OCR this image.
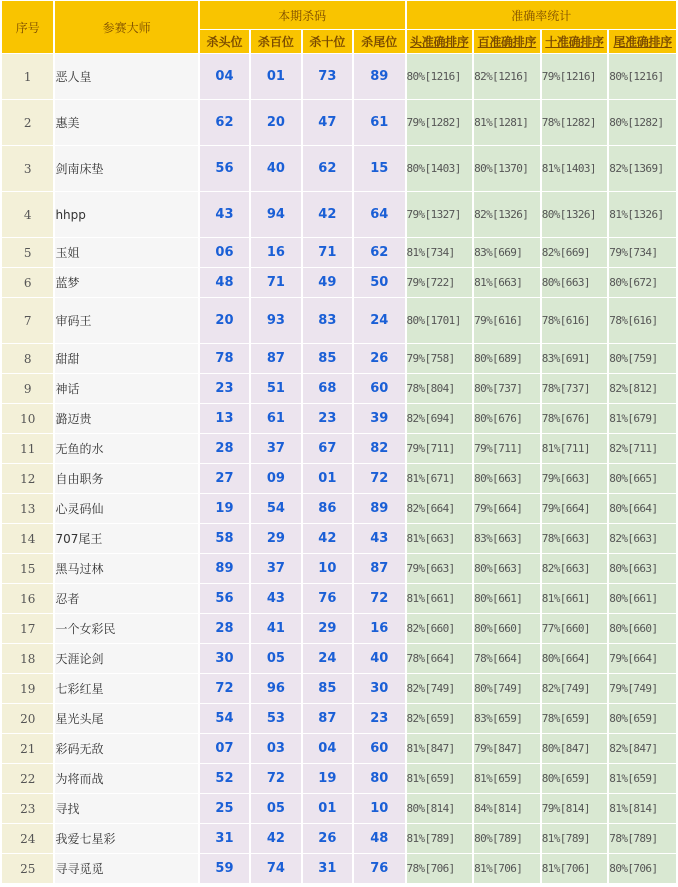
序号	参赛大师	本期杀码				准确率统计			
		杀头位	杀百位	杀十位	杀尾位	头准确排序	百准确排序	十准确排序	尾准确排序
1	恶人皇	04	01	73	89	80%[1216]	82%[1216]	79%[1216]	80%[1216]
2	惠美	62	20	47	61	79%[1282]	81%[1281]	78%[1282]	80%[1282]
3	剑南床垫	56	40	62	15	80%[1403]	80%[1370]	81%[1403]	82%[1369]
4	hhpp	43	94	42	64	79%[1327]	82%[1326]	80%[1326]	81%[1326]
5	玉姐	06	16	71	62	81%[734]	83%[669]	82%[669]	79%[734]
6	蓝梦	48	71	49	50	79%[722]	81%[663]	80%[663]	80%[672]
7	审码王	20	93	83	24	80%[1701]	79%[616]	78%[616]	78%[616]
8	甜甜	78	87	85	26	79%[758]	80%[689]	83%[691]	80%[759]
9	神话	23	51	68	60	78%[804]	80%[737]	78%[737]	82%[812]
10	潞迈贵	13	61	23	39	82%[694]	80%[676]	78%[676]	81%[679]
11	无鱼的水	28	37	67	82	79%[711]	79%[711]	81%[711]	82%[711]
12	自由职务	27	09	01	72	81%[671]	80%[663]	79%[663]	80%[665]
13	心灵码仙	19	54	86	89	82%[664]	79%[664]	79%[664]	80%[664]
14	707尾王	58	29	42	43	81%[663]	83%[663]	78%[663]	82%[663]
15	黑马过林	89	37	10	87	79%[663]	80%[663]	82%[663]	80%[663]
16	忍者	56	43	76	72	81%[661]	80%[661]	81%[661]	80%[661]
17	一个女彩民	28	41	29	16	82%[660]	80%[660]	77%[660]	80%[660]
18	天涯论剑	30	05	24	40	78%[664]	78%[664]	80%[664]	79%[664]
19	七彩红星	72	96	85	30	82%[749]	80%[749]	82%[749]	79%[749]
20	星光头尾	54	53	87	23	82%[659]	83%[659]	78%[659]	80%[659]
21	彩码无敌	07	03	04	60	81%[847]	79%[847]	80%[847]	82%[847]
22	为将而战	52	72	19	80	81%[659]	81%[659]	80%[659]	81%[659]
23	寻找	25	05	01	10	80%[814]	84%[814]	79%[814]	81%[814]
24	我爱七星彩	31	42	26	48	81%[789]	80%[789]	81%[789]	78%[789]
25	寻寻觅觅	59	74	31	76	78%[706]	81%[706]	81%[706]	80%[706]
